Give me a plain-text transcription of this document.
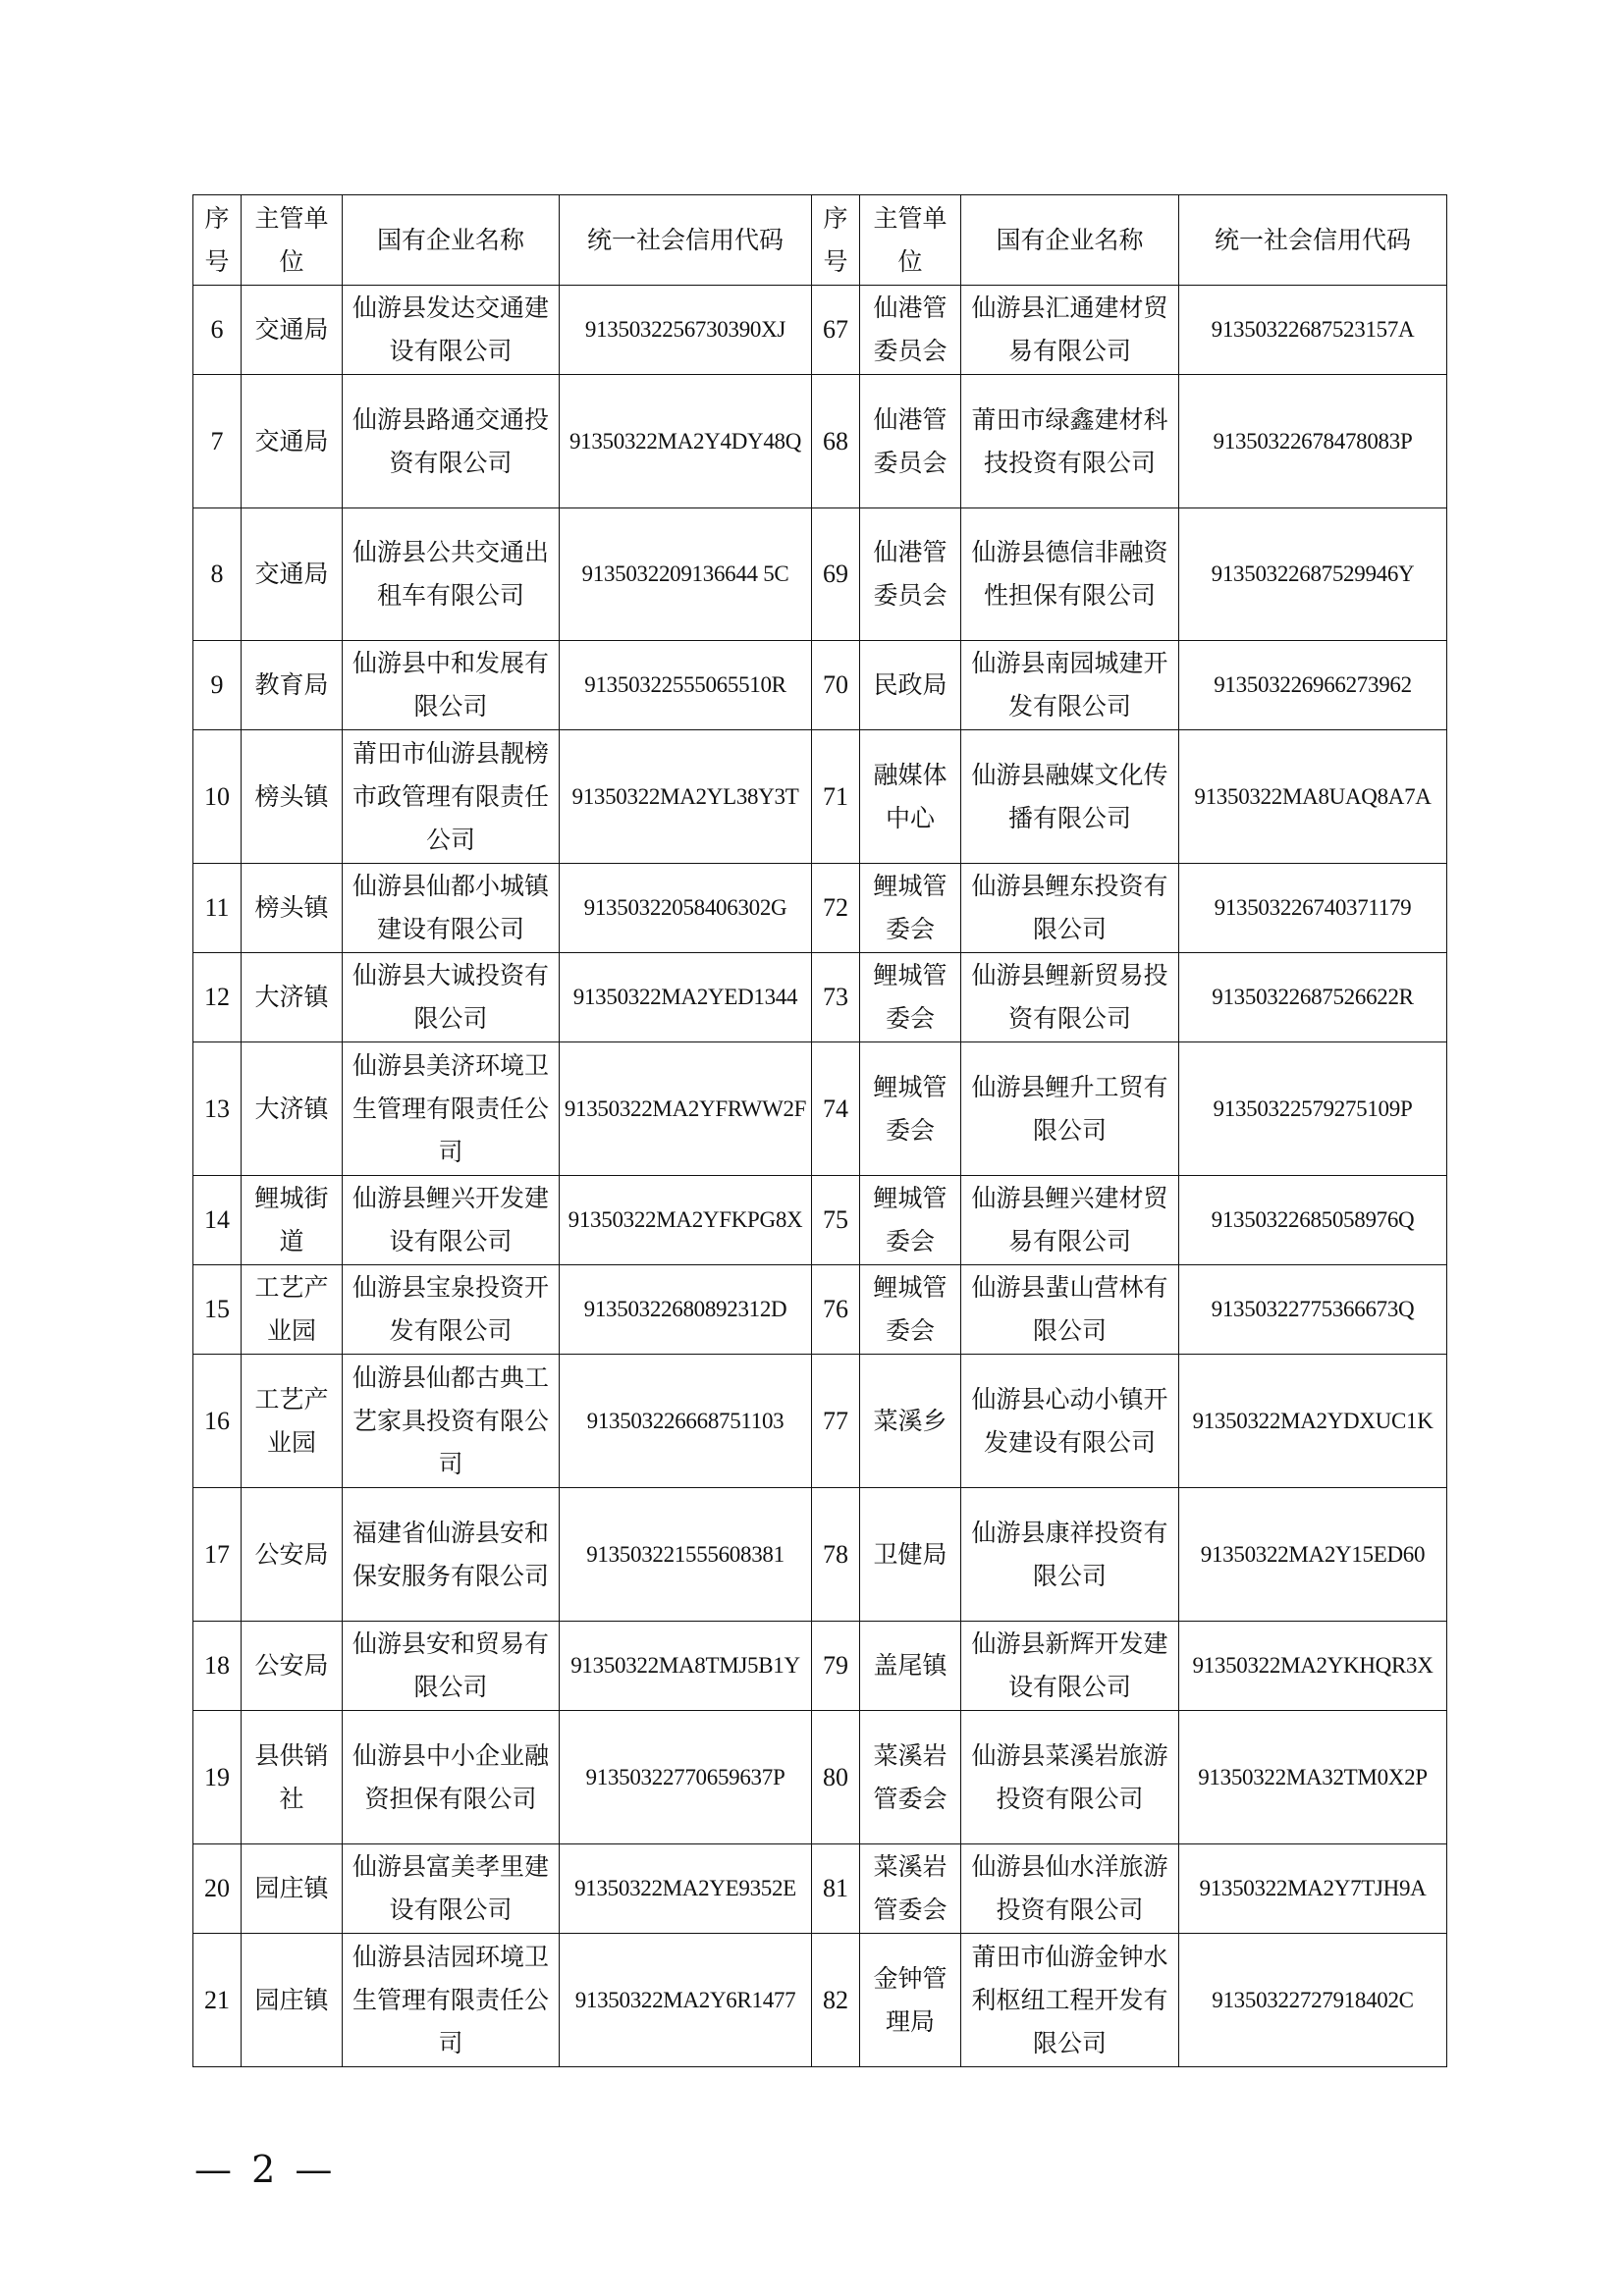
序号	主管单位	国有企业名称	统一社会信用代码	序号	主管单位	国有企业名称	统一社会信用代码
6	交通局	仙游县发达交通建设有限公司	9135032256730390XJ	67	仙港管委员会	仙游县汇通建材贸易有限公司	91350322687523157A
7	交通局	仙游县路通交通投资有限公司	91350322MA2Y4DY48Q	68	仙港管委员会	莆田市绿鑫建材科技投资有限公司	91350322678478083P
8	交通局	仙游县公共交通出租车有限公司	9135032209136644 5C	69	仙港管委员会	仙游县德信非融资性担保有限公司	91350322687529946Y
9	教育局	仙游县中和发展有限公司	91350322555065510R	70	民政局	仙游县南园城建开发有限公司	913503226966273962
10	榜头镇	莆田市仙游县靓榜市政管理有限责任公司	91350322MA2YL38Y3T	71	融媒体中心	仙游县融媒文化传播有限公司	91350322MA8UAQ8A7A
11	榜头镇	仙游县仙都小城镇建设有限公司	91350322058406302G	72	鲤城管委会	仙游县鲤东投资有限公司	913503226740371179
12	大济镇	仙游县大诚投资有限公司	91350322MA2YED1344	73	鲤城管委会	仙游县鲤新贸易投资有限公司	91350322687526622R
13	大济镇	仙游县美济环境卫生管理有限责任公司	91350322MA2YFRWW2F	74	鲤城管委会	仙游县鲤升工贸有限公司	91350322579275109P
14	鲤城街道	仙游县鲤兴开发建设有限公司	91350322MA2YFKPG8X	75	鲤城管委会	仙游县鲤兴建材贸易有限公司	91350322685058976Q
15	工艺产业园	仙游县宝泉投资开发有限公司	91350322680892312D	76	鲤城管委会	仙游县蜚山营林有限公司	91350322775366673Q
16	工艺产业园	仙游县仙都古典工艺家具投资有限公司	913503226668751103	77	菜溪乡	仙游县心动小镇开发建设有限公司	91350322MA2YDXUC1K
17	公安局	福建省仙游县安和保安服务有限公司	913503221555608381	78	卫健局	仙游县康祥投资有限公司	91350322MA2Y15ED60
18	公安局	仙游县安和贸易有限公司	91350322MA8TMJ5B1Y	79	盖尾镇	仙游县新辉开发建设有限公司	91350322MA2YKHQR3X
19	县供销社	仙游县中小企业融资担保有限公司	91350322770659637P	80	菜溪岩管委会	仙游县菜溪岩旅游投资有限公司	91350322MA32TM0X2P
20	园庄镇	仙游县富美孝里建设有限公司	91350322MA2YE9352E	81	菜溪岩管委会	仙游县仙水洋旅游投资有限公司	91350322MA2Y7TJH9A
21	园庄镇	仙游县洁园环境卫生管理有限责任公司	91350322MA2Y6R1477	82	金钟管理局	莆田市仙游金钟水利枢纽工程开发有限公司	91350322727918402C
— 2 —
